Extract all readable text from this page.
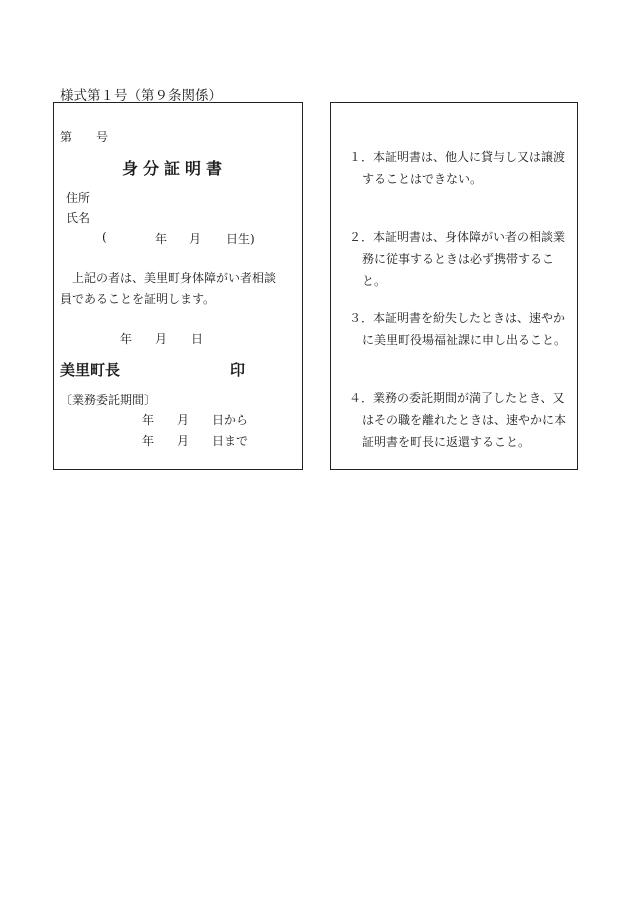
様式第１号（第９条関係）
第　　号
身分証明書
住所
氏名
(	年 月 日生)
　上記の者は、美里町身体障がい者相談
員であることを証明します。
年 月 日
美里町長	印
〔業務委託期間〕
年 月 日から
年 月 日まで
１．本証明書は、他人に貸与し又は譲渡
することはできない。
２．本証明書は、身体障がい者の相談業
務に従事するときは必ず携帯すること。
３．本証明書を紛失したときは、速やか
に美里町役場福祉課に申し出ること。
４．業務の委託期間が満了したとき、又
はその職を離れたときは、速やかに本
証明書を町長に返還すること。
